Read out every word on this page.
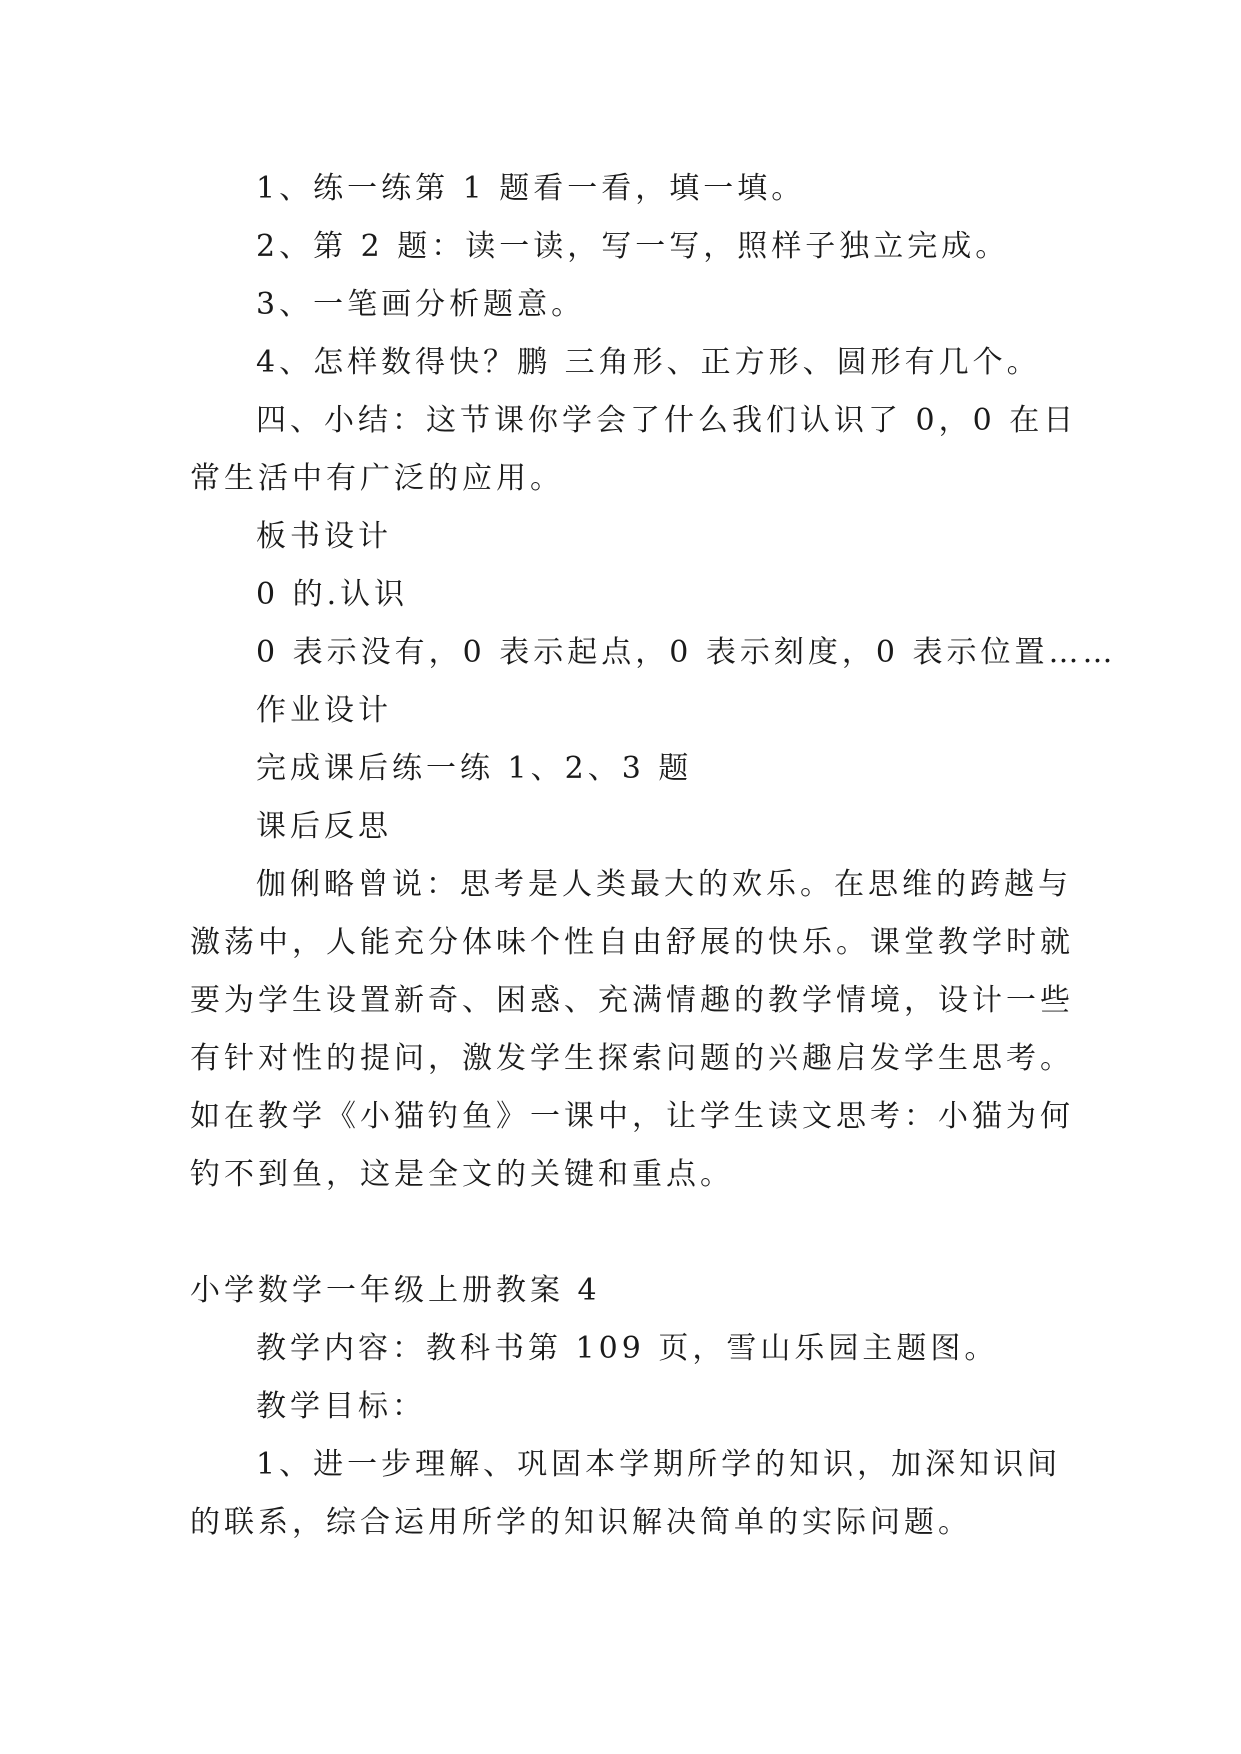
1、练一练第 1 题看一看，填一填。
2、第 2 题：读一读，写一写，照样子独立完成。
3、一笔画分析题意。
4、怎样数得快？鹏 三角形、正方形、圆形有几个。
四、小结：这节课你学会了什么我们认识了 0，0 在日
常生活中有广泛的应用。
板书设计
0 的.认识
0 表示没有，0 表示起点，0 表示刻度，0 表示位置……
作业设计
完成课后练一练 1、2、3 题
课后反思
伽俐略曾说：思考是人类最大的欢乐。在思维的跨越与
激荡中，人能充分体味个性自由舒展的快乐。课堂教学时就
要为学生设置新奇、困惑、充满情趣的教学情境，设计一些
有针对性的提问，激发学生探索问题的兴趣启发学生思考。
如在教学《小猫钓鱼》一课中，让学生读文思考：小猫为何
钓不到鱼，这是全文的关键和重点。
小学数学一年级上册教案 4
教学内容：教科书第 109 页，雪山乐园主题图。
教学目标：
1、进一步理解、巩固本学期所学的知识，加深知识间
的联系，综合运用所学的知识解决简单的实际问题。
